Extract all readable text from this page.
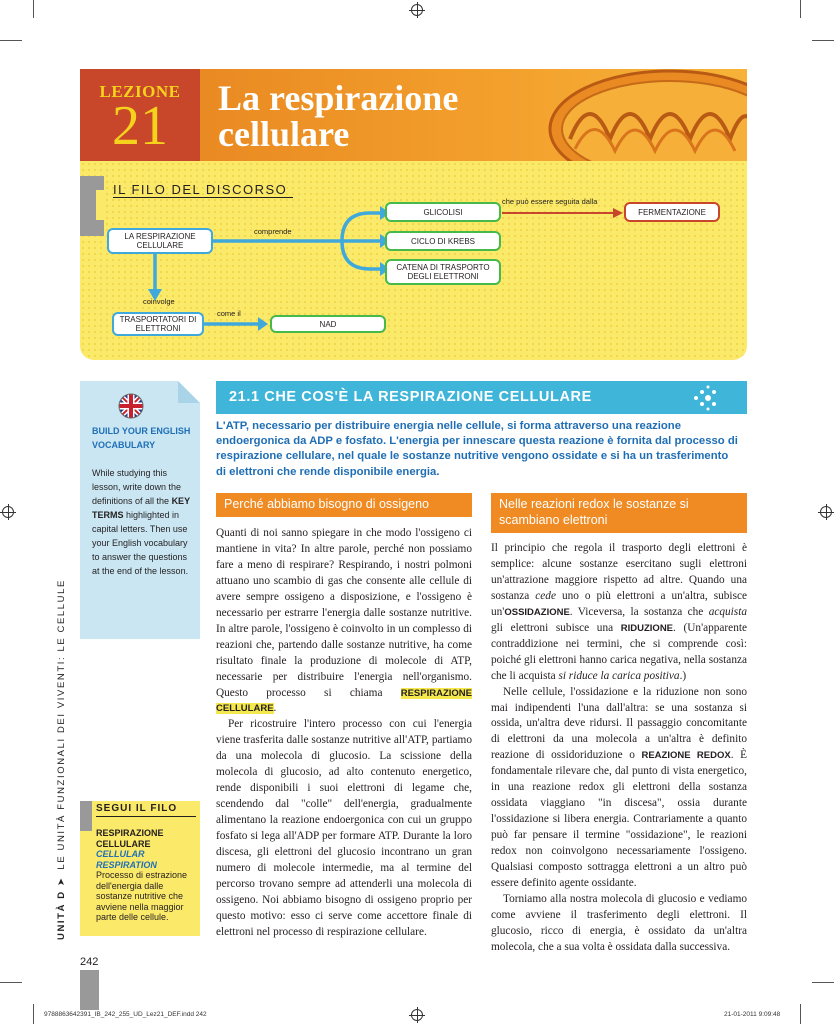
LEZIONE
21	La respirazione
cellulare
IL FILO DEL DISCORSO
LA RESPIRAZIONE CELLULARE
GLICOLISI
CICLO DI KREBS
CATENA DI TRASPORTO DEGLI ELETTRONI
FERMENTAZIONE
TRASPORTATORI DI ELETTRONI	NAD
comprende
che può essere seguita dalla
coinvolge
come il
BUILD YOUR ENGLISH VOCABULARY
While studying this lesson, write down the definitions of all the KEY TERMS highlighted in capital letters. Then use your English vocabulary to answer the questions at the end of the lesson.
SEGUI IL FILO
RESPIRAZIONE CELLULARE
CELLULAR RESPIRATION
Processo di estrazione dell'energia dalle sostanze nutritive che avviene nella maggior parte delle cellule.
UNITÀ D ➤  LE UNITÀ FUNZIONALI DEI VIVENTI: LE CELLULE
21.1 CHE COS'È LA RESPIRAZIONE CELLULARE
L'ATP, necessario per distribuire energia nelle cellule, si forma attraverso una reazione endoergonica da ADP e fosfato. L'energia per innescare questa reazione è fornita dal processo di respirazione cellulare, nel quale le sostanze nutritive vengono ossidate e si ha un trasferimento di elettroni che rende disponibile energia.
Perché abbiamo bisogno di ossigeno	Nelle reazioni redox le sostanze si scambiano elettroni

Quanti di noi sanno spiegare in che modo l'ossigeno ci mantiene in vita? In altre parole, perché non possiamo fare a meno di respirare? Respirando, i nostri polmoni attuano uno scambio di gas che consente alle cellule di avere sempre ossigeno a disposizione, e l'ossigeno è necessario per estrarre l'energia dalle sostanze nutritive. In altre parole, l'ossigeno è coinvolto in un complesso di reazioni che, partendo dalle sostanze nutritive, ha come risultato finale la produzione di molecole di ATP, necessarie per distribuire l'energia nell'organismo. Questo processo si chiama RESPIRAZIONE CELLULARE.

Per ricostruire l'intero processo con cui l'energia viene trasferita dalle sostanze nutritive all'ATP, partiamo da una molecola di glucosio. La scissione della molecola di glucosio, ad alto contenuto energetico, rende disponibili i suoi elettroni di legame che, scendendo dal "colle" dell'energia, gradualmente alimentano la reazione endoergonica con cui un gruppo fosfato si lega all'ADP per formare ATP. Durante la loro discesa, gli elettroni del glucosio incontrano un gran numero di molecole intermedie, ma al termine del percorso trovano sempre ad attenderli una molecola di ossigeno. Noi abbiamo bisogno di ossigeno proprio per questo motivo: esso ci serve come accettore finale di elettroni nel processo di respirazione cellulare.

Il principio che regola il trasporto degli elettroni è semplice: alcune sostanze esercitano sugli elettroni un'attrazione maggiore rispetto ad altre. Quando una sostanza cede uno o più elettroni a un'altra, subisce un'OSSIDAZIONE. Viceversa, la sostanza che acquista gli elettroni subisce una RIDUZIONE. (Un'apparente contraddizione nei termini, che si comprende così: poiché gli elettroni hanno carica negativa, nella sostanza che li acquista si riduce la carica positiva.)

Nelle cellule, l'ossidazione e la riduzione non sono mai indipendenti l'una dall'altra: se una sostanza si ossida, un'altra deve ridursi. Il passaggio concomitante di elettroni da una molecola a un'altra è definito reazione di ossidoriduzione o REAZIONE REDOX. È fondamentale rilevare che, dal punto di vista energetico, in una reazione redox gli elettroni della sostanza ossidata viaggiano "in discesa", ossia durante l'ossidazione si libera energia. Contrariamente a quanto può far pensare il termine "ossidazione", le reazioni redox non coinvolgono necessariamente l'ossigeno. Qualsiasi composto sottragga elettroni a un altro può essere definito agente ossidante.

Torniamo alla nostra molecola di glucosio e vediamo come avviene il trasferimento degli elettroni. Il glucosio, ricco di energia, è ossidato da un'altra molecola, che a sua volta è ossidata dalla successiva.

242
9788863642391_IB_242_255_UD_Lez21_DEF.indd 242	21-01-2011 9:09:48
